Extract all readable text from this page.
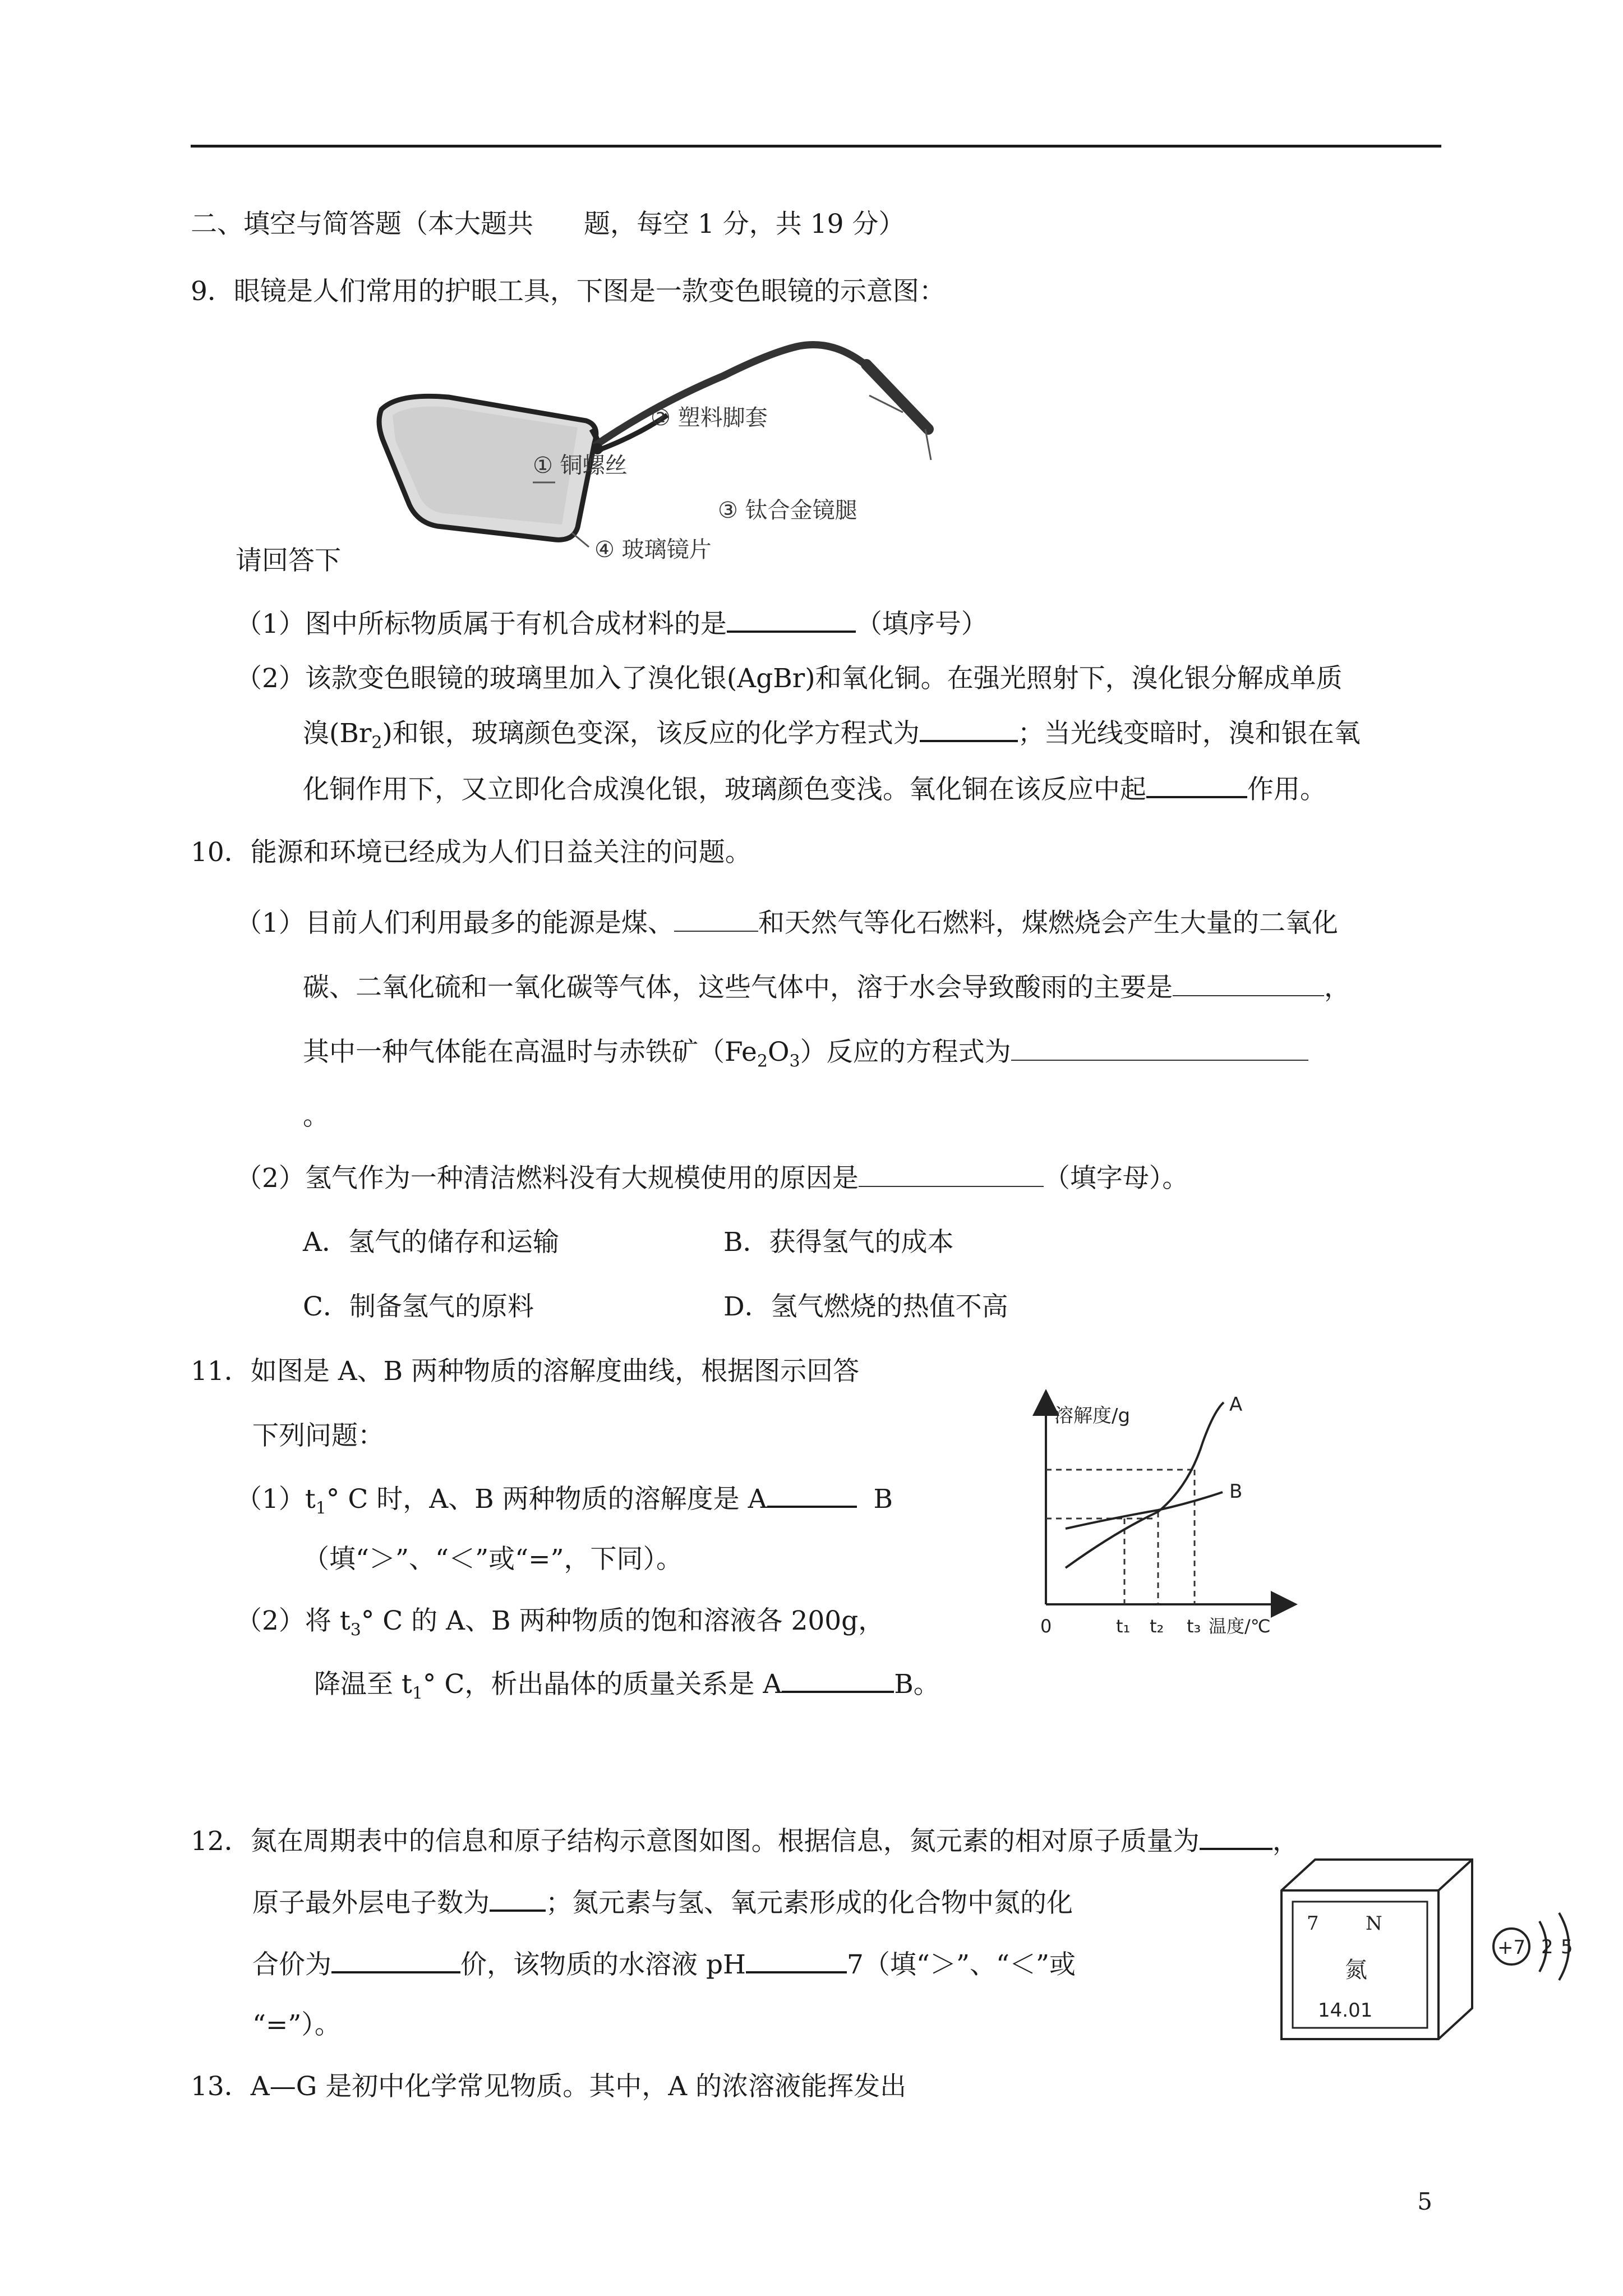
二、填空与简答题（本大题共 题，每空 1 分，共 19 分）
9．眼镜是人们常用的护眼工具，下图是一款变色眼镜的示意图：
① 铜螺丝
② 塑料脚套
③ 钛合金镜腿
④ 玻璃镜片
请回答下
（1）图中所标物质属于有机合成材料的是	（填序号）
（2）该款变色眼镜的玻璃里加入了溴化银(AgBr)和氧化铜。在强光照射下，溴化银分解成单质
溴$(Br_2)$和银，玻璃颜色变深，该反应的化学方程式为	；当光线变暗时，溴和银在氧
化铜作用下，又立即化合成溴化银，玻璃颜色变浅。氧化铜在该反应中起	作用。
10．能源和环境已经成为人们日益关注的问题。
（1）目前人们利用最多的能源是煤、	和天然气等化石燃料，煤燃烧会产生大量的二氧化
碳、二氧化硫和一氧化碳等气体，这些气体中，溶于水会导致酸雨的主要是	，
其中一种气体能在高温时与赤铁矿$(Fe_2O_3)$反应的方程式为
。
（2）氢气作为一种清洁燃料没有大规模使用的原因是	（填字母）。
A．氢气的储存和运输	B．获得氢气的成本
C．制备氢气的原料	D．氢气燃烧的热值不高
11．如图是 A、B 两种物质的溶解度曲线，根据图示回答
下列问题：
$(1)t_1^\circ$ C 时，A、B 两种物质的溶解度是 A	B
（填“＞”、“＜”或“=”，下同）。
（2）将 $t_3^\circ$ C 的 A、B 两种物质的饱和溶液各 200g，
降温至 $t_1^\circ$ C，析出晶体的质量关系是 A	B。
溶解度/g	A
B
0	t₁ t₂ t₃ 温度/℃
12．氮在周期表中的信息和原子结构示意图如图。根据信息，氮元素的相对原子质量为	，
原子最外层电子数为 ；氮元素与氢、氧元素形成的化合物中氮的化
合价为	价，该物质的水溶液 pH	7（填“＞”、“＜”或
“=”）。
7 N
氮
14.01
+7 2 5
13．A—G 是初中化学常见物质。其中，A 的浓溶液能挥发出
5
